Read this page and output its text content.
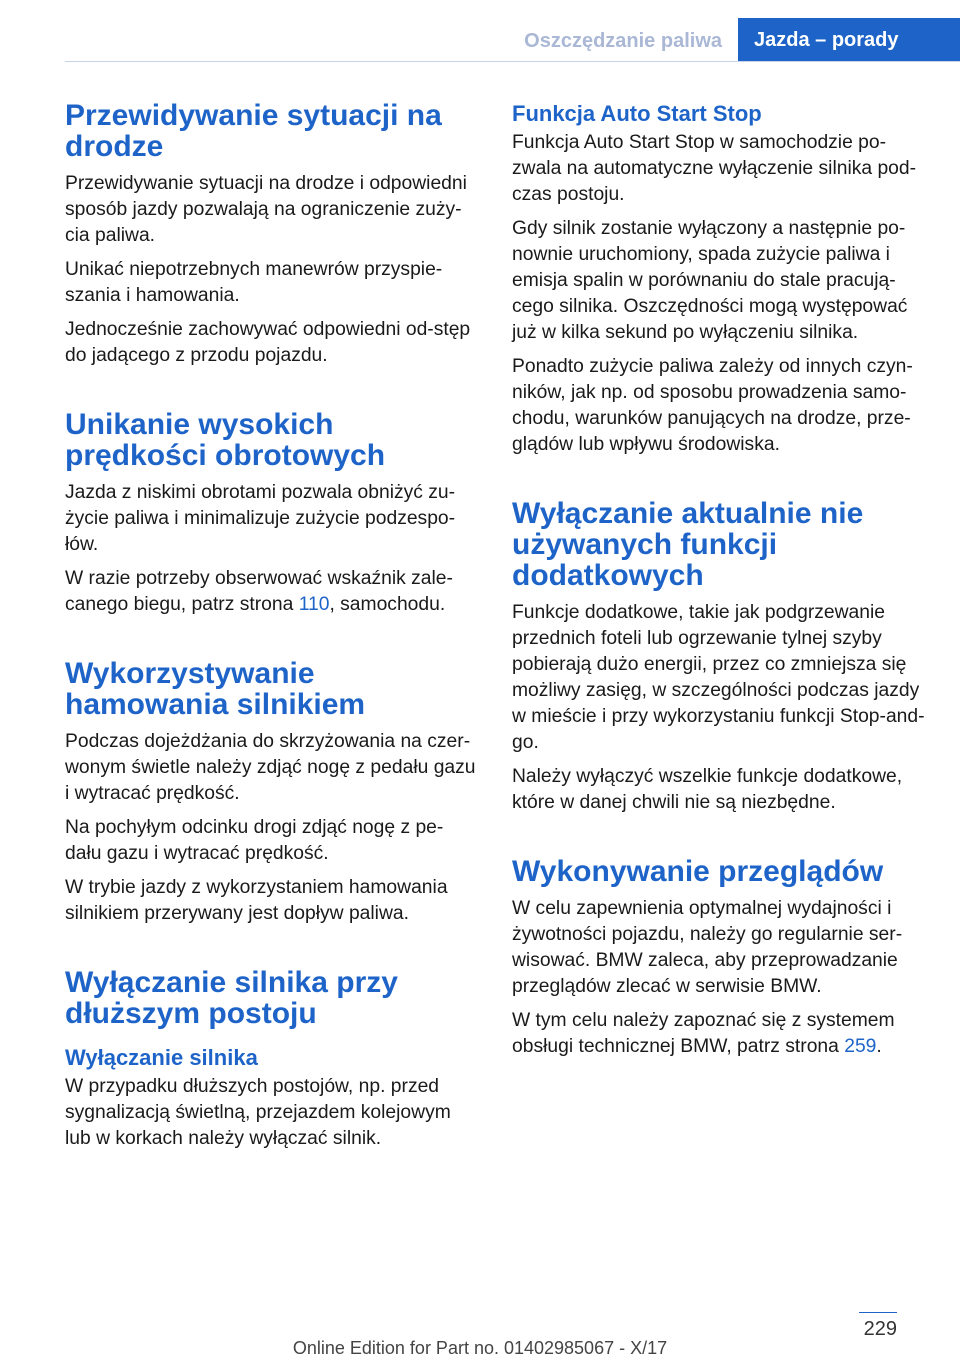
Oszczędzanie paliwa	Jazda – porady
Przewidywanie sytuacji na drodze

Przewidywanie sytuacji na drodze i odpowiedni sposób jazdy pozwalają na ograniczenie zuży‐cia paliwa.

Unikać niepotrzebnych manewrów przyspie‐szania i hamowania.

Jednocześnie zachowywać odpowiedni od‐stęp do jadącego z przodu pojazdu.

Unikanie wysokich prędkości obrotowych

Jazda z niskimi obrotami pozwala obniżyć zu‐życie paliwa i minimalizuje zużycie podzespo‐łów.

W razie potrzeby obserwować wskaźnik zale‐canego biegu, patrz strona 110, samochodu.

Wykorzystywanie hamowania silnikiem

Podczas dojeżdżania do skrzyżowania na czer‐wonym świetle należy zdjąć nogę z pedału gazu i wytracać prędkość.

Na pochyłym odcinku drogi zdjąć nogę z pe‐dału gazu i wytracać prędkość.

W trybie jazdy z wykorzystaniem hamowania silnikiem przerywany jest dopływ paliwa.

Wyłączanie silnika przy dłuższym postoju
Wyłączanie silnika

W przypadku dłuższych postojów, np. przed sygnalizacją świetlną, przejazdem kolejowym lub w korkach należy wyłączać silnik.

Funkcja Auto Start Stop

Funkcja Auto Start Stop w samochodzie po‐zwala na automatyczne wyłączenie silnika pod‐czas postoju.

Gdy silnik zostanie wyłączony a następnie po‐nownie uruchomiony, spada zużycie paliwa i emisja spalin w porównaniu do stale pracują‐cego silnika. Oszczędności mogą występować już w kilka sekund po wyłączeniu silnika.

Ponadto zużycie paliwa zależy od innych czyn‐ników, jak np. od sposobu prowadzenia samo‐chodu, warunków panujących na drodze, prze‐glądów lub wpływu środowiska.

Wyłączanie aktualnie nie używanych funkcji dodatkowych

Funkcje dodatkowe, takie jak podgrzewanie przednich foteli lub ogrzewanie tylnej szyby pobierają dużo energii, przez co zmniejsza się możliwy zasięg, w szczególności podczas jazdy w mieście i przy wykorzystaniu funkcji Stop-and-go.

Należy wyłączyć wszelkie funkcje dodatkowe, które w danej chwili nie są niezbędne.

Wykonywanie przeglądów

W celu zapewnienia optymalnej wydajności i żywotności pojazdu, należy go regularnie ser‐wisować. BMW zaleca, aby przeprowadzanie przeglądów zlecać w serwisie BMW.

W tym celu należy zapoznać się z systemem obsługi technicznej BMW, patrz strona 259.

229
Online Edition for Part no. 01402985067 - X/17
